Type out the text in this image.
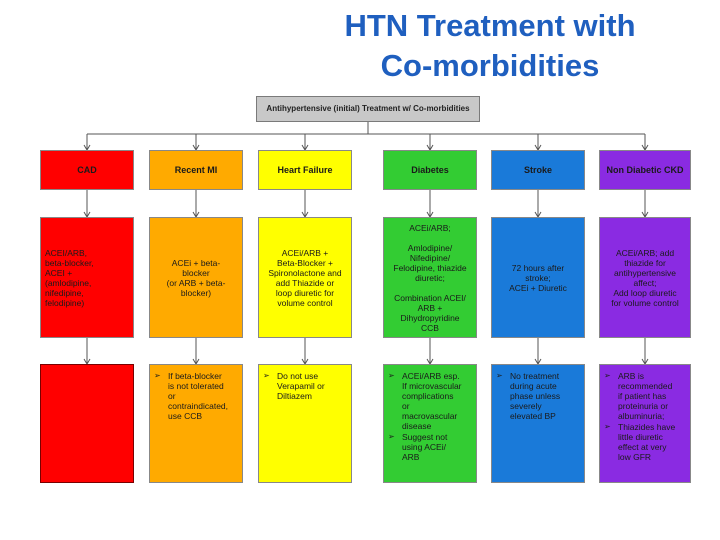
HTN Treatment with
Co-morbidities
Antihypertensive (initial) Treatment w/ Co-morbidities
CAD

ACEI/ARB,
beta-blocker,
ACEI +
(amlodipine,
nifedipine,
felodipine)

Recent MI

ACEi + beta-
blocker
(or ARB + beta-
blocker)

➢ If beta-blocker
is not tolerated
or
contraindicated,
use CCB
Heart Failure

ACEi/ARB +
Beta-Blocker +
Spironolactone and
add Thiazide or
loop diuretic for
volume control

➢ Do not use
Verapamil or
Diltiazem
Diabetes

ACEi/ARB;

Amlodipine/
Nifedipine/
Felodipine, thiazide
diuretic;

Combination ACEI/
ARB +
Dihydropyridine
CCB

➢ ACEi/ARB esp.
If microvascular
complications
or
macrovascular
disease
➢ Suggest not
using ACEi/
ARB
Stroke

72 hours after
stroke;
ACEi + Diuretic

➢ No treatment
during acute
phase unless
severely
elevated BP
Non Diabetic CKD

ACEi/ARB; add
thiazide for
antihypertensive
affect;
Add loop diuretic
for volume control

➢ ARB is
recommended
if patient has
proteinuria or
albuminuria;
➢ Thiazides have
little diuretic
effect at very
low GFR
